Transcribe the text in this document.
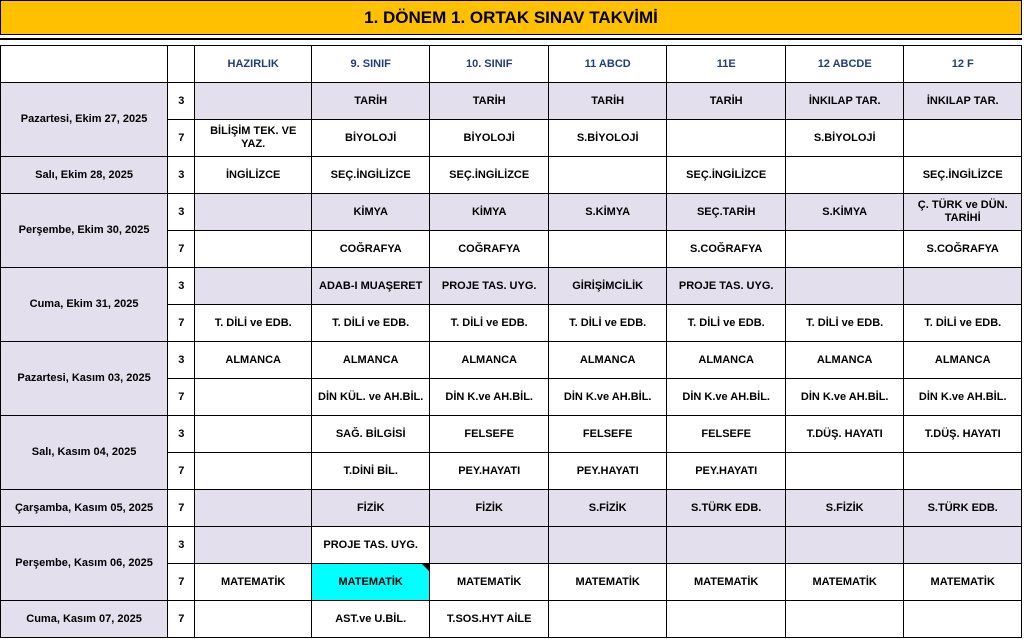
1. DÖNEM 1. ORTAK SINAV TAKVİMİ
		HAZIRLIK	9. SINIF	10. SINIF	11 ABCD	11E	12 ABCDE	12 F
Pazartesi, Ekim 27, 2025	3		TARİH	TARİH	TARİH	TARİH	İNKILAP TAR.	İNKILAP TAR.
	7	BİLİŞİM TEK. VE YAZ.	BİYOLOJİ	BİYOLOJİ	S.BİYOLOJİ		S.BİYOLOJİ	
Salı, Ekim 28, 2025	3	İNGİLİZCE	SEÇ.İNGİLİZCE	SEÇ.İNGİLİZCE		SEÇ.İNGİLİZCE		SEÇ.İNGİLİZCE
Perşembe, Ekim 30, 2025	3		KİMYA	KİMYA	S.KİMYA	SEÇ.TARİH	S.KİMYA	Ç. TÜRK ve DÜN. TARİHİ
	7		COĞRAFYA	COĞRAFYA		S.COĞRAFYA		S.COĞRAFYA
Cuma, Ekim 31, 2025	3		ADAB-I MUAŞERET	PROJE TAS. UYG.	GİRİŞİMCİLİK	PROJE TAS. UYG.		
	7	T. DİLİ ve EDB.	T. DİLİ ve EDB.	T. DİLİ ve EDB.	T. DİLİ ve EDB.	T. DİLİ ve EDB.	T. DİLİ ve EDB.	T. DİLİ ve EDB.
Pazartesi, Kasım 03, 2025	3	ALMANCA	ALMANCA	ALMANCA	ALMANCA	ALMANCA	ALMANCA	ALMANCA
	7		DİN KÜL. ve AH.BİL.	DİN K.ve AH.BİL.	DİN K.ve AH.BİL.	DİN K.ve AH.BİL.	DİN K.ve AH.BİL.	DİN K.ve AH.BİL.
Salı, Kasım 04, 2025	3		SAĞ. BİLGİSİ	FELSEFE	FELSEFE	FELSEFE	T.DÜŞ. HAYATI	T.DÜŞ. HAYATI
	7		T.DİNİ BİL.	PEY.HAYATI	PEY.HAYATI	PEY.HAYATI		
Çarşamba, Kasım 05, 2025	7		FİZİK	FİZİK	S.FİZİK	S.TÜRK EDB.	S.FİZİK	S.TÜRK EDB.
Perşembe, Kasım 06, 2025	3		PROJE TAS. UYG.					
	7	MATEMATİK	MATEMATİK	MATEMATİK	MATEMATİK	MATEMATİK	MATEMATİK	MATEMATİK
Cuma, Kasım 07, 2025	7		AST.ve U.BİL.	T.SOS.HYT AİLE				
